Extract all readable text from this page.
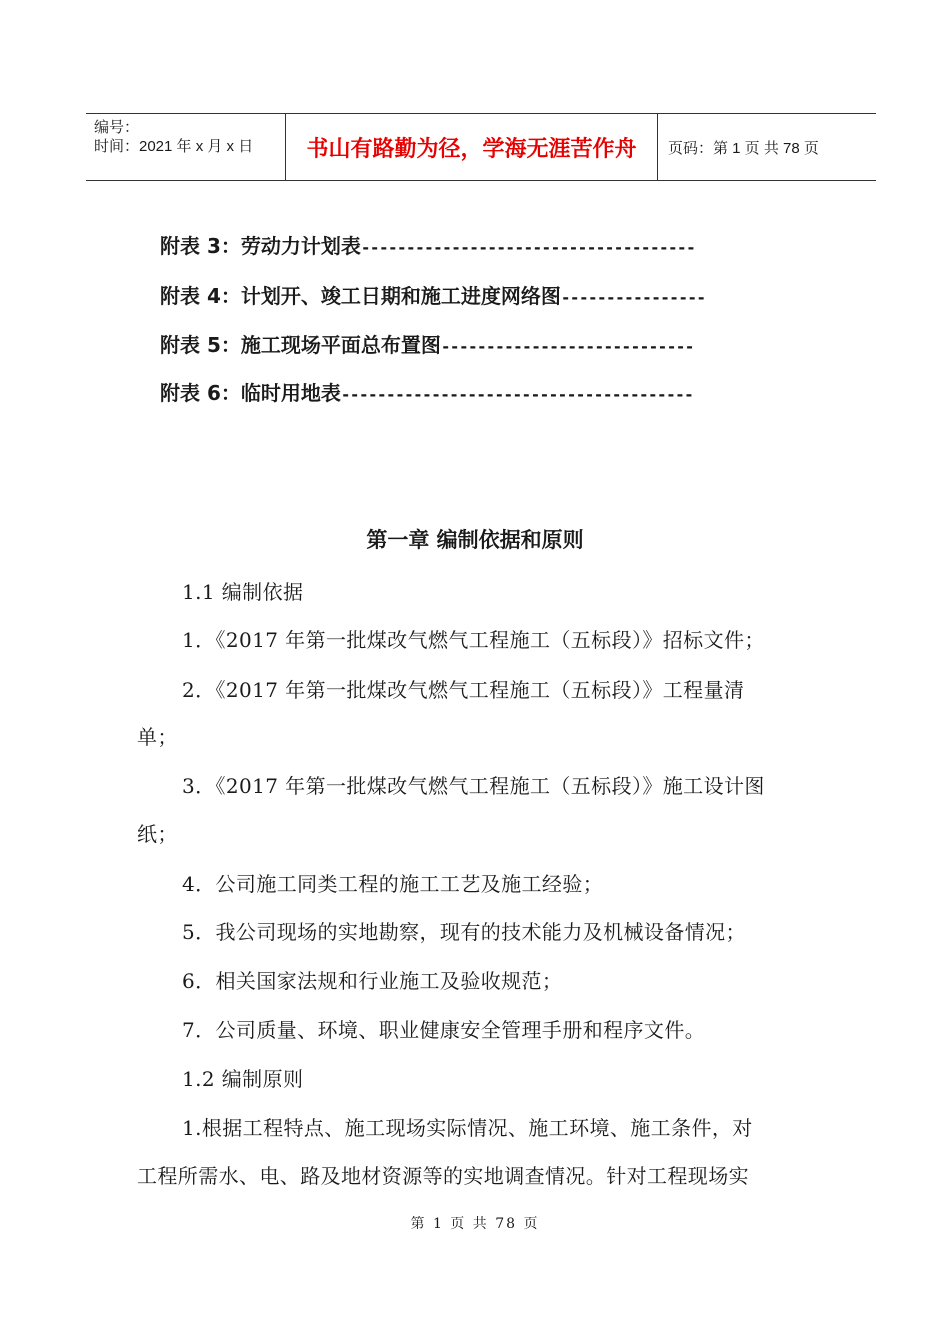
编号：
时间：2021 年 x 月 x 日	书山有路勤为径，学海无涯苦作舟	页码：第 1 页 共 78 页
附表 3：劳动力计划表-------------------------------------
附表 4：计划开、竣工日期和施工进度网络图----------------
附表 5：施工现场平面总布置图----------------------------
附表 6：临时用地表---------------------------------------
第一章 编制依据和原则
1.1 编制依据
1．《2017 年第一批煤改气燃气工程施工（五标段）》招标文件；
2．《2017 年第一批煤改气燃气工程施工（五标段）》工程量清
单；
3．《2017 年第一批煤改气燃气工程施工（五标段）》施工设计图
纸；
4．公司施工同类工程的施工工艺及施工经验；
5．我公司现场的实地勘察，现有的技术能力及机械设备情况；
6．相关国家法规和行业施工及验收规范；
7．公司质量、环境、职业健康安全管理手册和程序文件。
1.2 编制原则
1.根据工程特点、施工现场实际情况、施工环境、施工条件，对
工程所需水、电、路及地材资源等的实地调查情况。针对工程现场实
第 1 页 共 78 页
